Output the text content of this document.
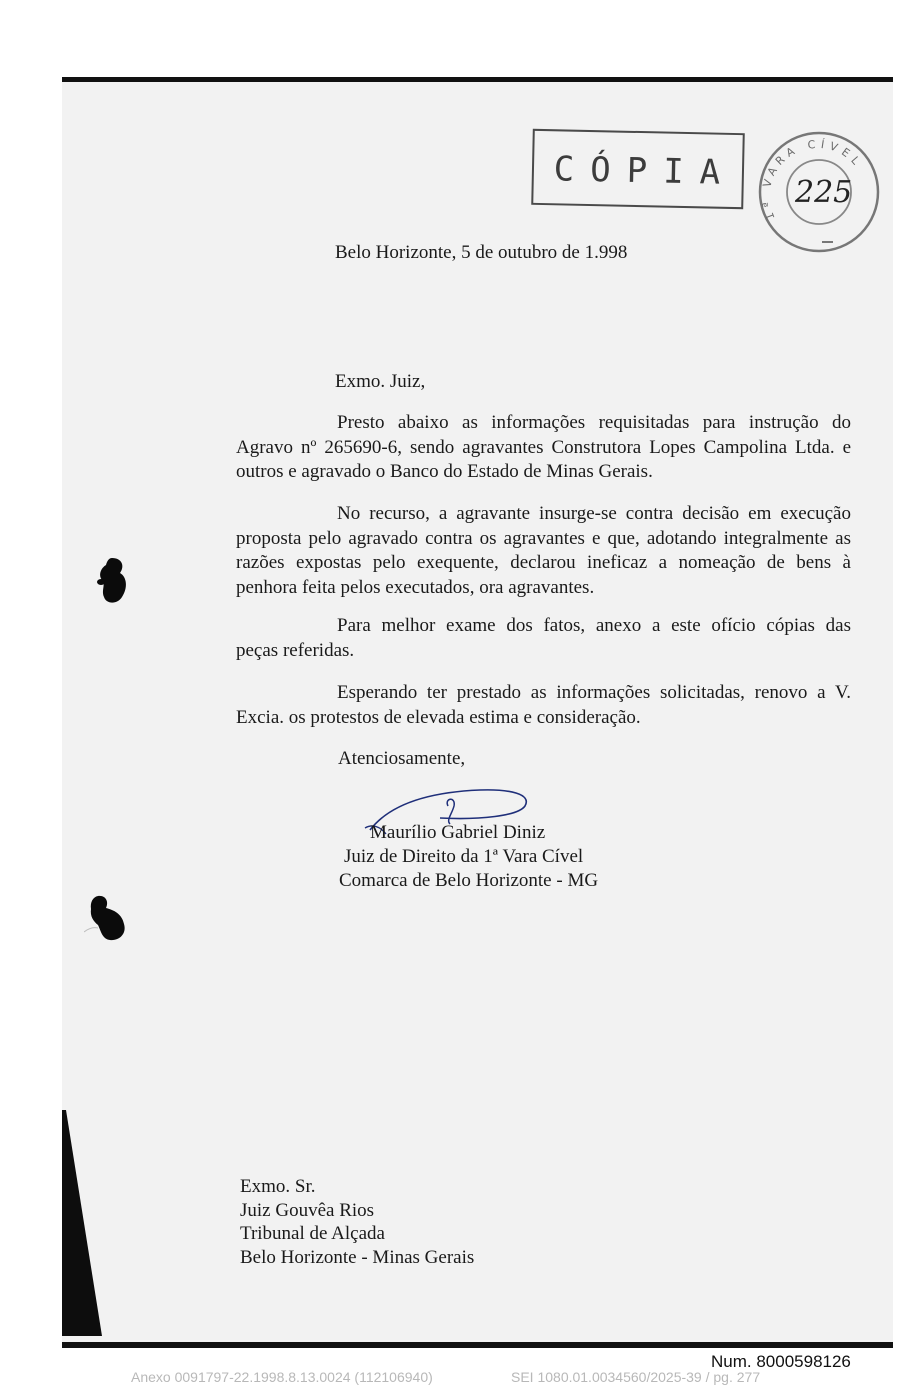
CÓPIA
1ª VARA CÍVEL
225
Belo Horizonte, 5 de outubro de 1.998
Exmo. Juiz,
Presto abaixo as informações requisitadas para instrução do
Agravo nº 265690-6, sendo agravantes Construtora Lopes Campolina Ltda. e
outros e agravado o Banco do Estado de Minas Gerais.
No recurso, a agravante insurge-se contra decisão em execução
proposta pelo agravado contra os agravantes e que, adotando integralmente as
razões expostas pelo exequente, declarou ineficaz a nomeação de bens à
penhora feita pelos executados, ora agravantes.
Para melhor exame dos fatos, anexo a este ofício cópias das
peças referidas.
Esperando ter prestado as informações solicitadas, renovo a V.
Excia. os protestos de elevada estima e consideração.
Atenciosamente,
Maurílio Gabriel Diniz
Juiz de Direito da 1ª Vara Cível
Comarca de Belo Horizonte - MG
Exmo. Sr.
Juiz Gouvêa Rios
Tribunal de Alçada
Belo Horizonte - Minas Gerais
Num. 8000598126
Anexo 0091797-22.1998.8.13.0024 (112106940)	SEI 1080.01.0034560/2025-39 / pg. 277
